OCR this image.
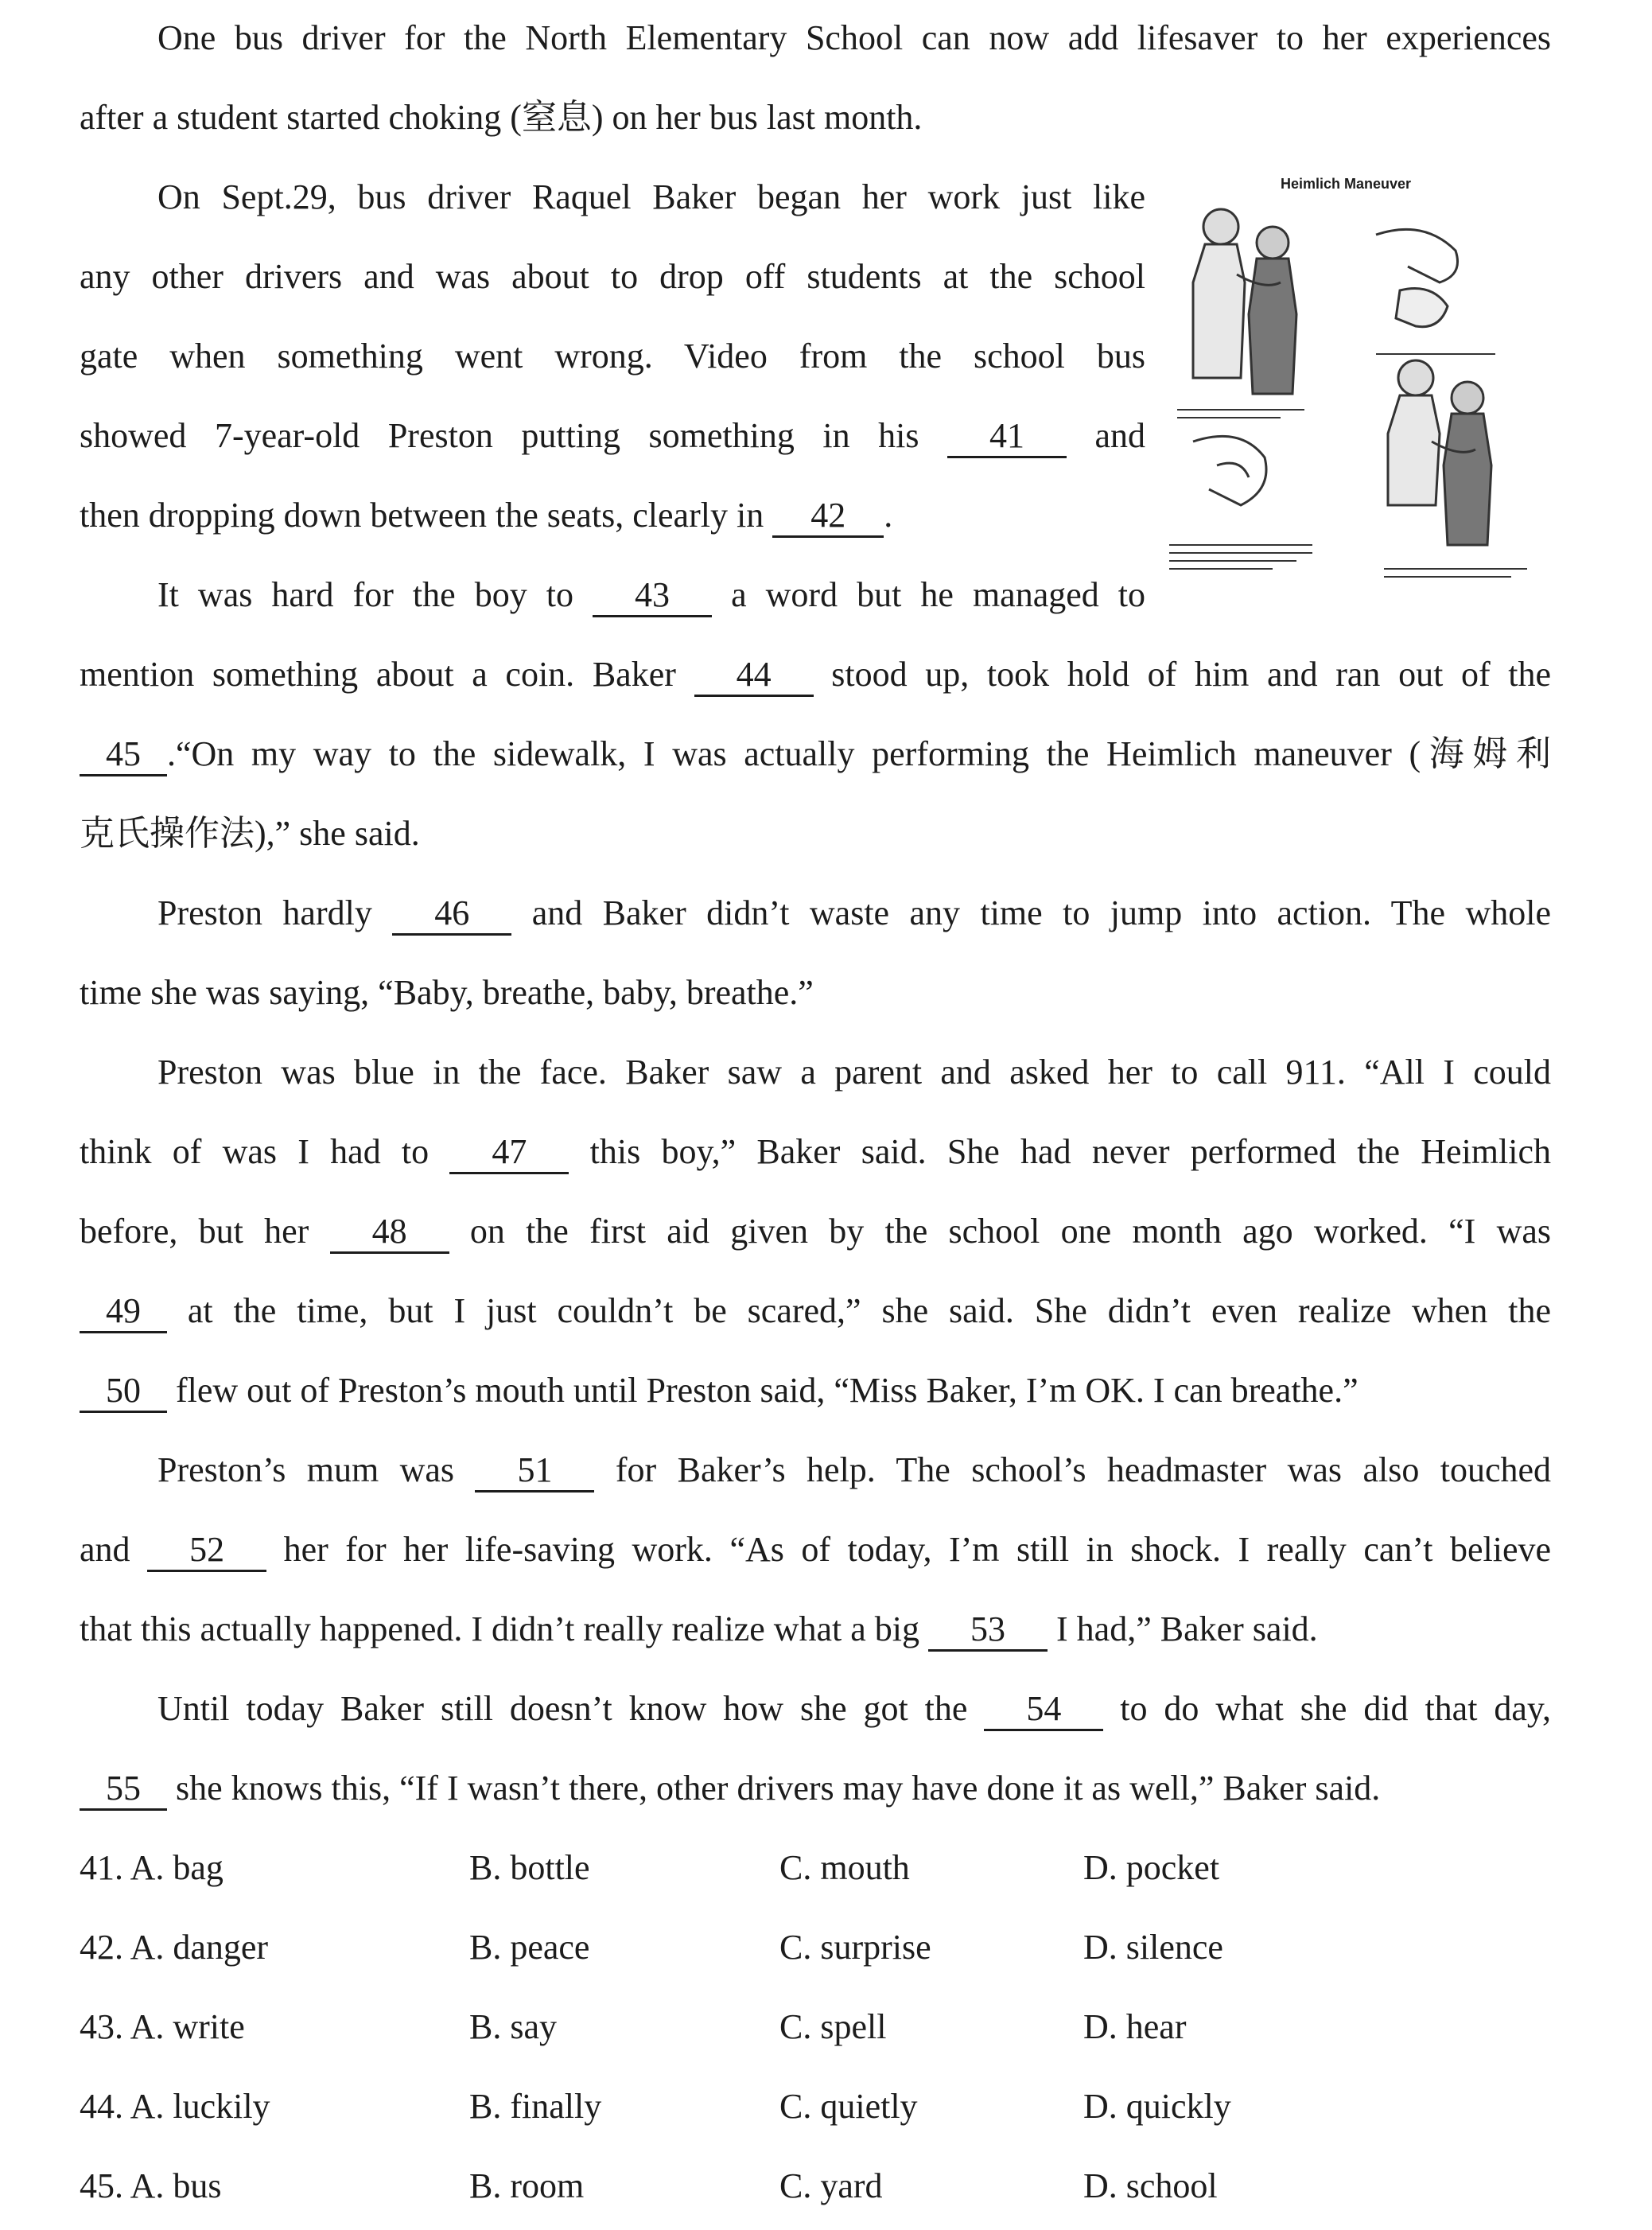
One bus driver for the North Elementary School can now add lifesaver to her experiences
after a student started choking (窒息) on her bus last month.
On Sept.29, bus driver Raquel Baker began her work just like
any other drivers and was about to drop off students at the school
gate when something went wrong. Video from the school bus
showed 7-year-old Preston putting something in his 41 and
then dropping down between the seats, clearly in 42 .
It was hard for the boy to 43 a word but he managed to
mention something about a coin. Baker 44 stood up, took hold of him and ran out of the
45 .“On my way to the sidewalk, I was actually performing the Heimlich maneuver (海姆利
克氏操作法),” she said.
Preston hardly 46 and Baker didn’t waste any time to jump into action. The whole
time she was saying, “Baby, breathe, baby, breathe.”
Preston was blue in the face. Baker saw a parent and asked her to call 911. “All I could
think of was I had to 47 this boy,” Baker said. She had never performed the Heimlich
before, but her 48 on the first aid given by the school one month ago worked. “I was
49 at the time, but I just couldn’t be scared,” she said. She didn’t even realize when the
50 flew out of Preston’s mouth until Preston said, “Miss Baker, I’m OK. I can breathe.”
Preston’s mum was 51 for Baker’s help. The school’s headmaster was also touched
and 52 her for her life-saving work. “As of today, I’m still in shock. I really can’t believe
that this actually happened. I didn’t really realize what a big 53 I had,” Baker said.
Until today Baker still doesn’t know how she got the 54 to do what she did that day,
55 she knows this, “If I wasn’t there, other drivers may have done it as well,” Baker said.
Heimlich Maneuver
41. A. bag	B. bottle	C. mouth	D. pocket
42. A. danger	B. peace	C. surprise	D. silence
43. A. write	B. say	C. spell	D. hear
44. A. luckily	B. finally	C. quietly	D. quickly
45. A. bus	B. room	C. yard	D. school
